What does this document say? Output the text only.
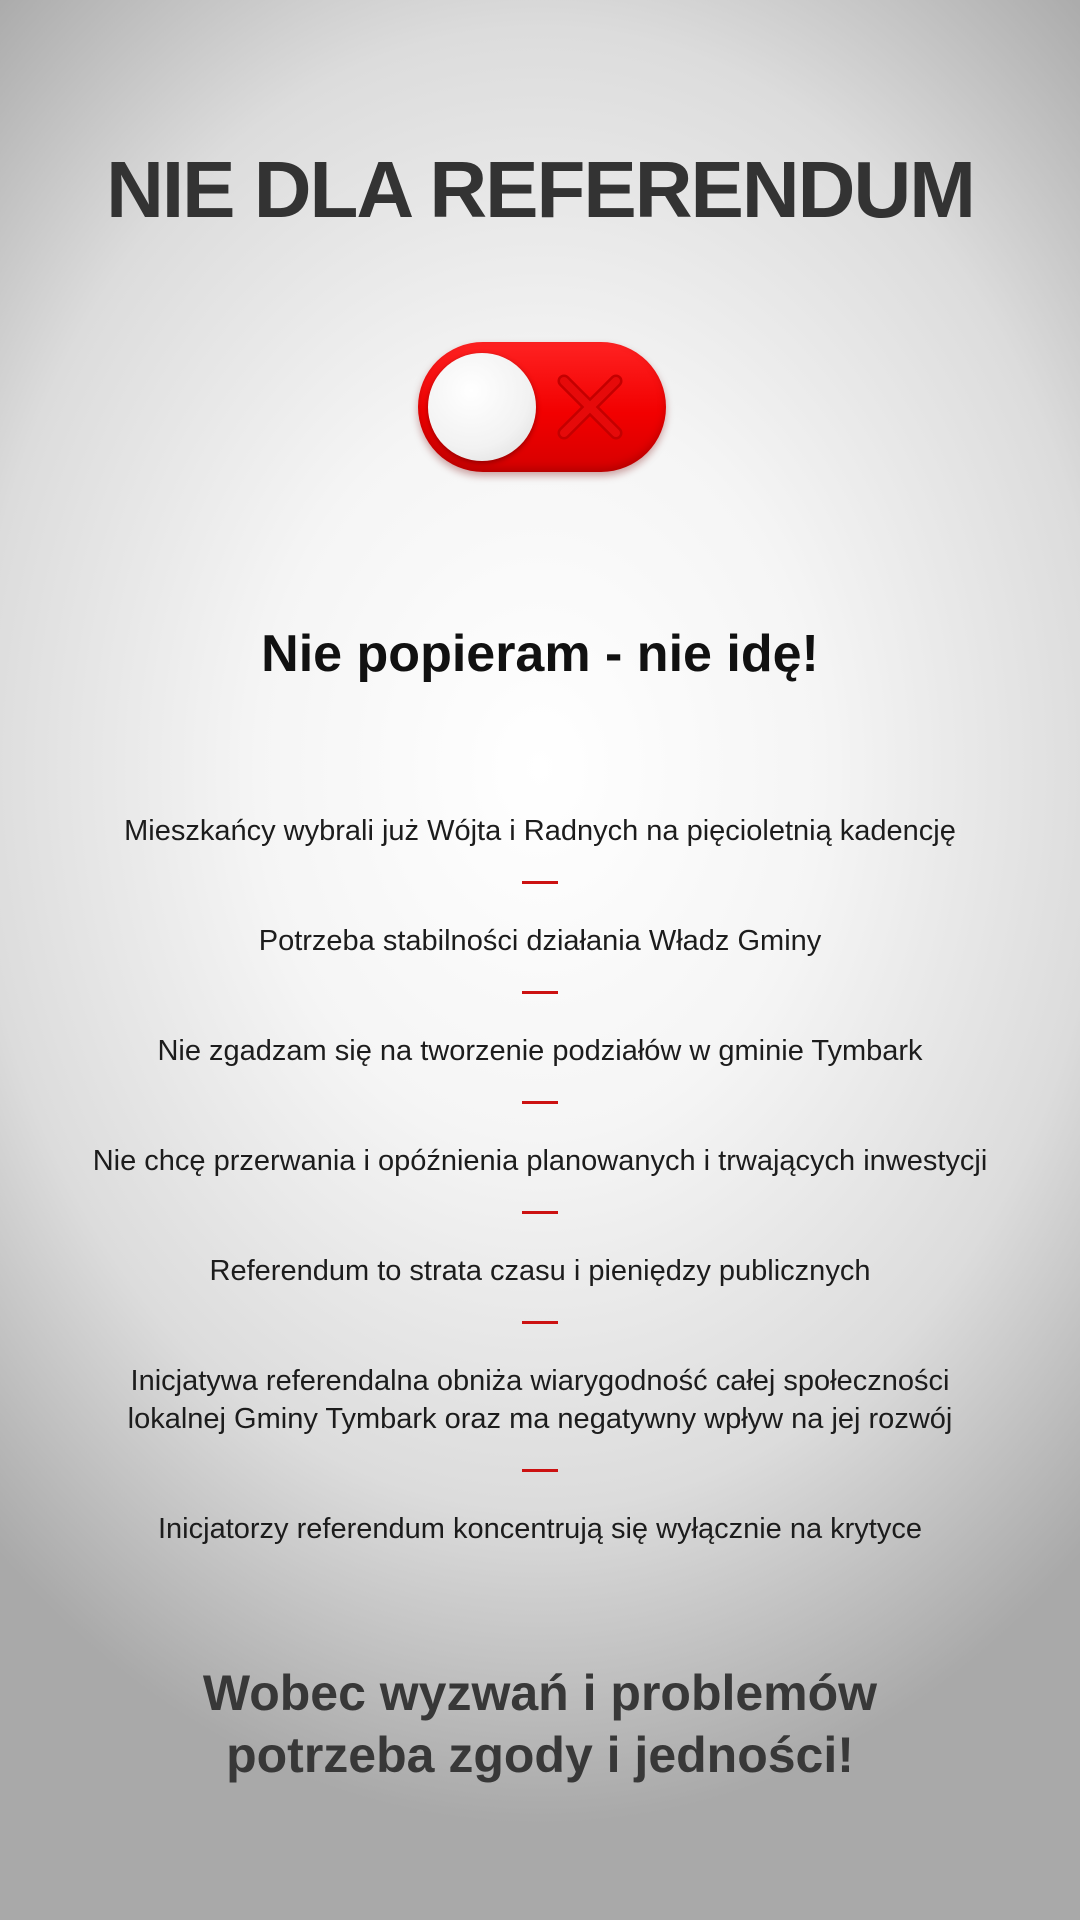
NIE DLA REFERENDUM
Nie popieram - nie idę!
Mieszkańcy wybrali już Wójta i Radnych na pięcioletnią kadencję
Potrzeba stabilności działania Władz Gminy
Nie zgadzam się na tworzenie podziałów w gminie Tymbark
Nie chcę przerwania i opóźnienia planowanych i trwających inwestycji
Referendum to strata czasu i pieniędzy publicznych
Inicjatywa referendalna obniża wiarygodność całej społeczności
lokalnej Gminy Tymbark oraz ma negatywny wpływ na jej rozwój
Inicjatorzy referendum koncentrują się wyłącznie na krytyce
Wobec wyzwań i problemów
potrzeba zgody i jedności!
